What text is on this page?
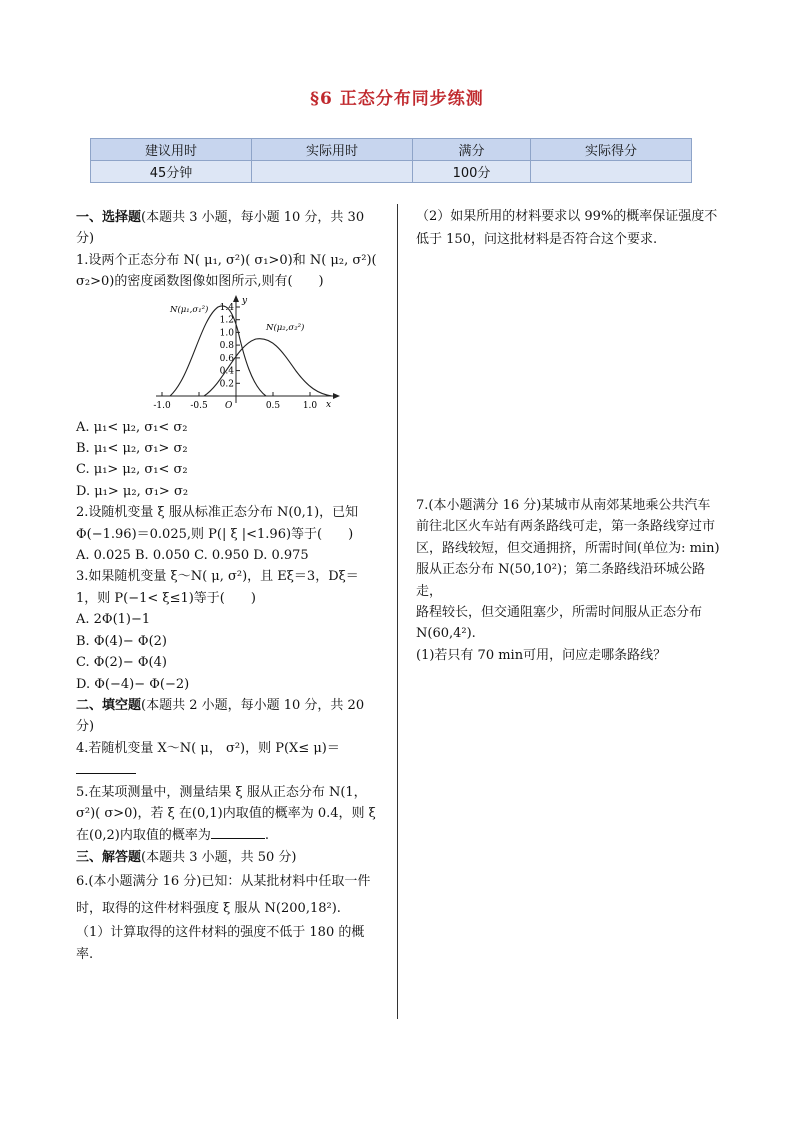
§6 正态分布同步练测
建议用时	实际用时	满分	实际得分
45分钟		100分	

一、选择题(本题共 3 小题，每小题 10 分，共 30 分)

1.设两个正态分布 N( μ₁, σ²)( σ₁>0)和 N( μ₂, σ²)( σ₂>0)的密度函数图像如图所示,则有(　　)

1.4
1.2
1.0
0.8
0.6
0.4
0.2
-1.0 -0.5	0.5	1.0
O
y
x
N(μ₁,σ₁²)
N(μ₂,σ₂²)

A. μ₁< μ₂, σ₁< σ₂

B. μ₁< μ₂, σ₁> σ₂

C. μ₁> μ₂, σ₁< σ₂

D. μ₁> μ₂, σ₁> σ₂

2.设随机变量 ξ 服从标准正态分布 N(0,1)，已知

Φ(−1.96)＝0.025,则 P(| ξ |<1.96)等于(　　)

A. 0.025 B. 0.050 C. 0.950 D. 0.975

3.如果随机变量 ξ～N( μ, σ²)，且 Eξ＝3，Dξ＝1，则 P(−1< ξ≤1)等于(　　)

A. 2Φ(1)−1

B. Φ(4)− Φ(2)

C. Φ(2)− Φ(4)

D. Φ(−4)− Φ(−2)

二、填空题(本题共 2 小题，每小题 10 分，共 20 分)

4.若随机变量 X～N( μ， σ²)，则 P(X≤ μ)＝

5.在某项测量中，测量结果 ξ 服从正态分布 N(1， σ²)( σ>0)，若 ξ 在(0,1)内取值的概率为 0.4，则 ξ 在(0,2)内取值的概率为	.

三、解答题(本题共 3 小题，共 50 分)

6.(本小题满分 16 分)已知：从某批材料中任取一件时，取得的这件材料强度 ξ 服从 N(200,18²).

（1）计算取得的这件材料的强度不低于 180 的概率.

（2）如果所用的材料要求以 99%的概率保证强度不低于 150，问这批材料是否符合这个要求.

7.(本小题满分 16 分)某城市从南郊某地乘公共汽车

前往北区火车站有两条路线可走，第一条路线穿过市

区，路线较短，但交通拥挤，所需时间(单位为: min)服从正态分布 N(50,10²)；第二条路线沿环城公路走，

路程较长，但交通阻塞少，所需时间服从正态分布 N(60,4²).

(1)若只有 70 min可用，问应走哪条路线？
